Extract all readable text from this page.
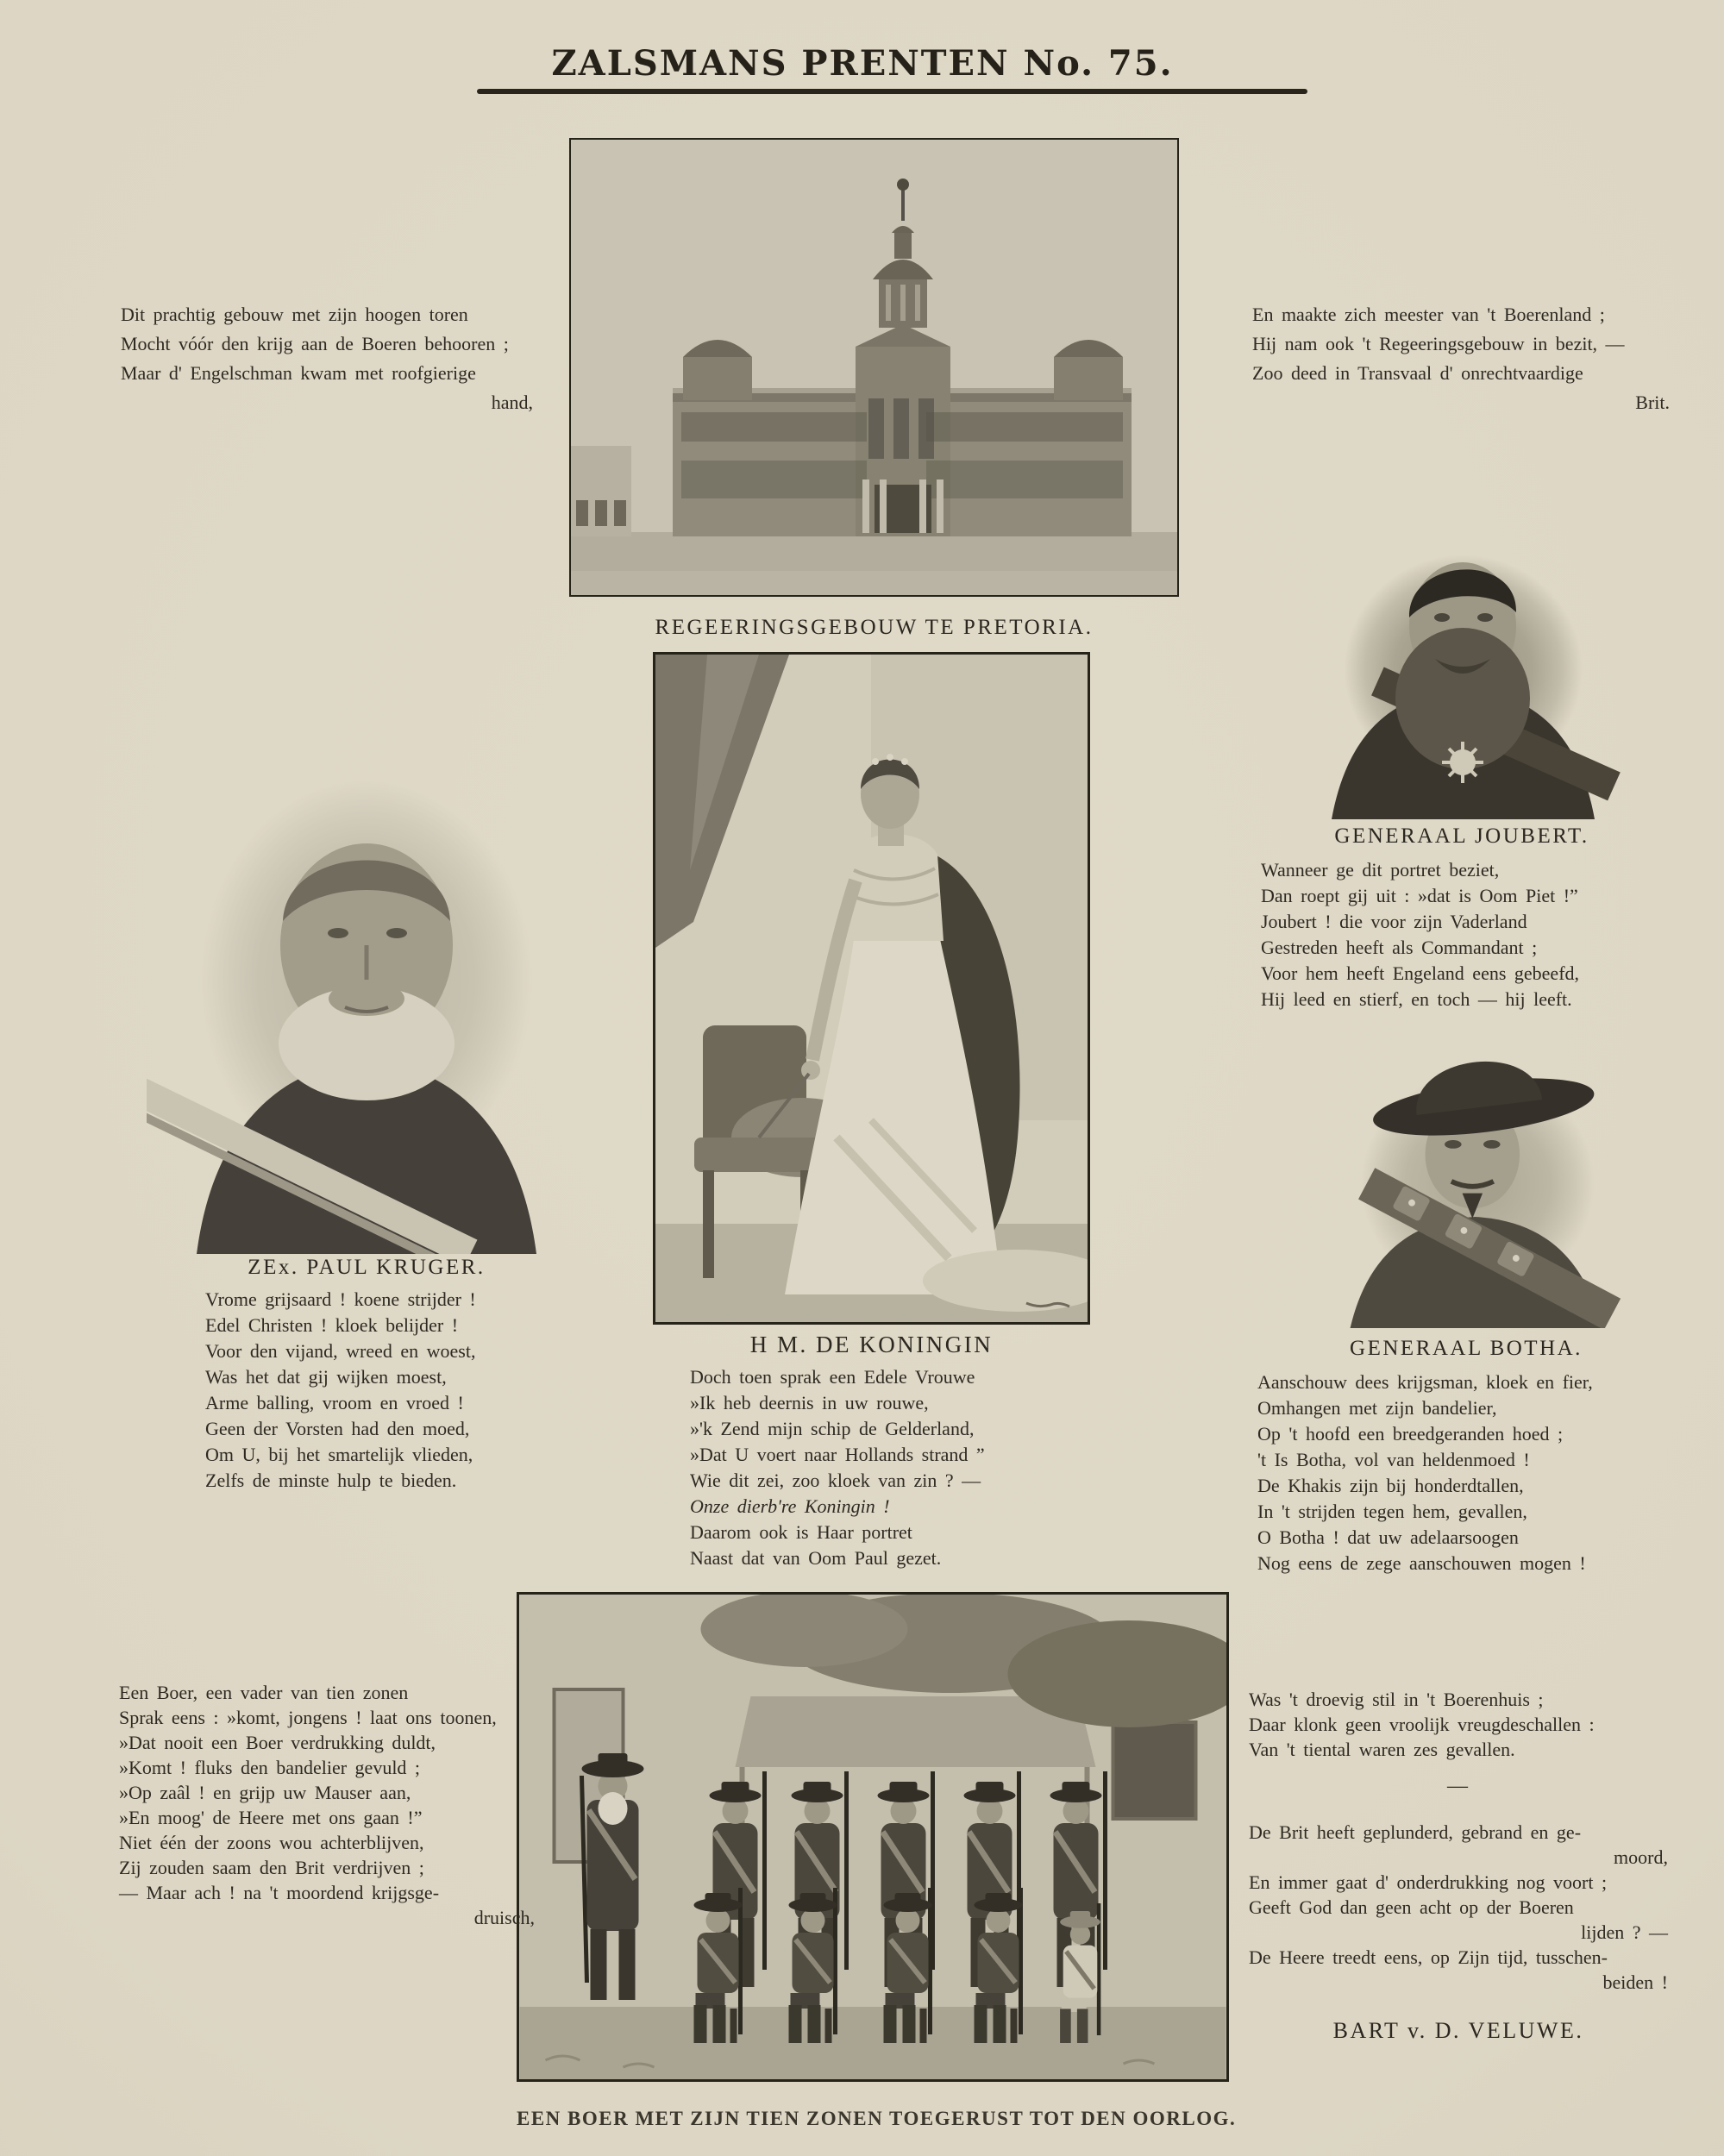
ZALSMANS PRENTEN No. 75.
REGEERINGSGEBOUW TE PRETORIA.
Dit prachtig gebouw met zijn hoogen toren
Mocht vóór den krijg aan de Boeren behooren ;
Maar d' Engelschman kwam met roofgierige
hand,
En maakte zich meester van 't Boerenland ;
Hij nam ook 't Regeeringsgebouw in bezit, —
Zoo deed in Transvaal d' onrechtvaardige
Brit.
GENERAAL JOUBERT.
Wanneer ge dit portret beziet,
Dan roept gij uit : »dat is Oom Piet !”
Joubert ! die voor zijn Vaderland
Gestreden heeft als Commandant ;
Voor hem heeft Engeland eens gebeefd,
Hij leed en stierf, en toch — hij leeft.
ZEx. PAUL KRUGER.
Vrome grijsaard ! koene strijder !
Edel Christen ! kloek belijder !
Voor den vijand, wreed en woest,
Was het dat gij wijken moest,
Arme balling, vroom en vroed !
Geen der Vorsten had den moed,
Om U, bij het smartelijk vlieden,
Zelfs de minste hulp te bieden.
H M. DE KONINGIN
Doch toen sprak een Edele Vrouwe
»Ik heb deernis in uw rouwe,
»'k Zend mijn schip de Gelderland,
»Dat U voert naar Hollands strand ”
Wie dit zei, zoo kloek van zin ? —
Onze dierb're Koningin !
Daarom ook is Haar portret
Naast dat van Oom Paul gezet.
GENERAAL BOTHA.
Aanschouw dees krijgsman, kloek en fier,
Omhangen met zijn bandelier,
Op 't hoofd een breedgeranden hoed ;
't Is Botha, vol van heldenmoed !
De Khakis zijn bij honderdtallen,
In 't strijden tegen hem, gevallen,
O Botha ! dat uw adelaarsoogen
Nog eens de zege aanschouwen mogen !
EEN BOER MET ZIJN TIEN ZONEN TOEGERUST TOT DEN OORLOG.
Een Boer, een vader van tien zonen
Sprak eens : »komt, jongens ! laat ons toonen,
»Dat nooit een Boer verdrukking duldt,
»Komt ! fluks den bandelier gevuld ;
»Op zaâl ! en grijp uw Mauser aan,
»En moog' de Heere met ons gaan !”
Niet één der zoons wou achterblijven,
Zij zouden saam den Brit verdrijven ;
— Maar ach ! na 't moordend krijgsge-
druisch,
Was 't droevig stil in 't Boerenhuis ;
Daar klonk geen vroolijk vreugdeschallen :
Van 't tiental waren zes gevallen.
—
De Brit heeft geplunderd, gebrand en ge-
moord,
En immer gaat d' onderdrukking nog voort ;
Geeft God dan geen acht op der Boeren
lijden ? —
De Heere treedt eens, op Zijn tijd, tusschen-
beiden !
BART v. D. VELUWE.
